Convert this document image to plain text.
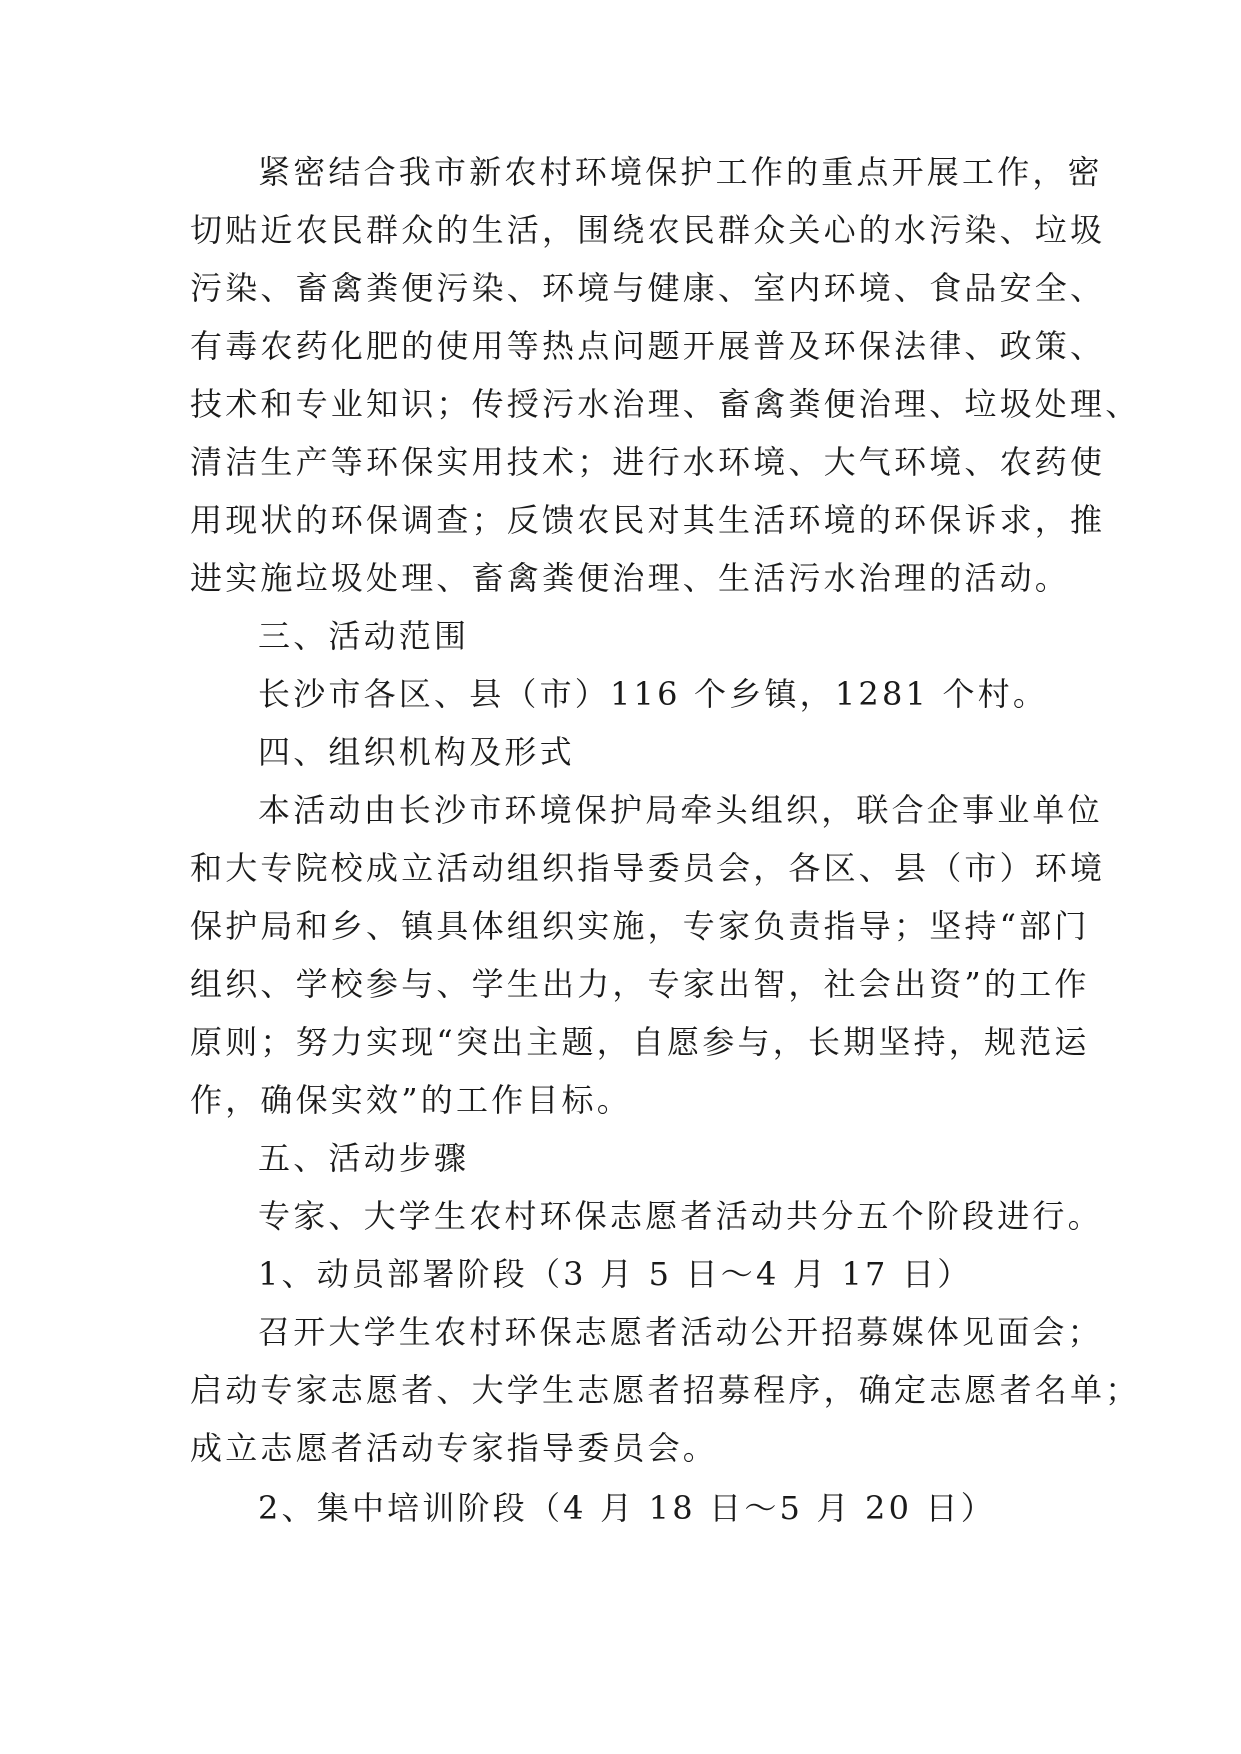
紧密结合我市新农村环境保护工作的重点开展工作，密
切贴近农民群众的生活，围绕农民群众关心的水污染、垃圾
污染、畜禽粪便污染、环境与健康、室内环境、食品安全、
有毒农药化肥的使用等热点问题开展普及环保法律、政策、
技术和专业知识；传授污水治理、畜禽粪便治理、垃圾处理、
清洁生产等环保实用技术；进行水环境、大气环境、农药使
用现状的环保调查；反馈农民对其生活环境的环保诉求，推
进实施垃圾处理、畜禽粪便治理、生活污水治理的活动。
三、活动范围
长沙市各区、县（市）116 个乡镇，1281 个村。
四、组织机构及形式
本活动由长沙市环境保护局牵头组织，联合企事业单位
和大专院校成立活动组织指导委员会，各区、县（市）环境
保护局和乡、镇具体组织实施，专家负责指导；坚持“部门
组织、学校参与、学生出力，专家出智，社会出资”的工作
原则；努力实现“突出主题，自愿参与，长期坚持，规范运
作，确保实效”的工作目标。
五、活动步骤
专家、大学生农村环保志愿者活动共分五个阶段进行。
1、动员部署阶段（3 月 5 日～4 月 17 日）
召开大学生农村环保志愿者活动公开招募媒体见面会；
启动专家志愿者、大学生志愿者招募程序，确定志愿者名单；
成立志愿者活动专家指导委员会。
2、集中培训阶段（4 月 18 日～5 月 20 日）
